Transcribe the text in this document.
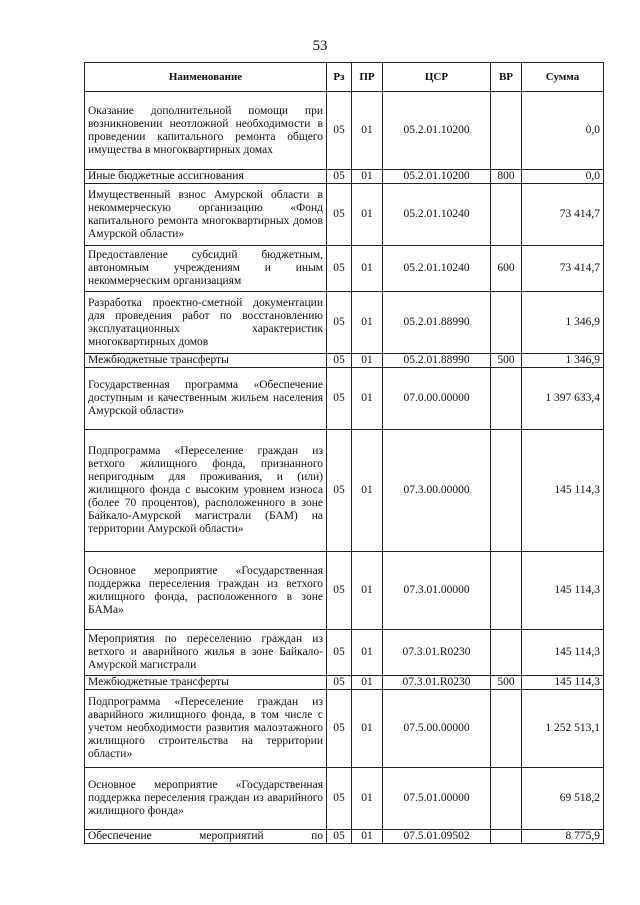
53
Наименование	Рз	ПР	ЦСР	ВР	Сумма
Оказание дополнительной помощи при возникновении неотложной необходимости в проведении капитального ремонта общего имущества в многоквартирных домах	05	01	05.2.01.10200		0,0
Иные бюджетные ассигнования	05	01	05.2.01.10200	800	0,0
Имущественный взнос Амурской области в некоммерческую организацию «Фонд капитального ремонта многоквартирных домов Амурской области»	05	01	05.2.01.10240		73 414,7
Предоставление субсидий бюджетным, автономным учреждениям и иным некоммерческим организациям	05	01	05.2.01.10240	600	73 414,7
Разработка проектно-сметной документации для проведения работ по восстановлению эксплуатационных характеристик многоквартирных домов	05	01	05.2.01.88990		1 346,9
Межбюджетные трансферты	05	01	05.2.01.88990	500	1 346,9
Государственная программа «Обеспечение доступным и качественным жильем населения Амурской области»	05	01	07.0.00.00000		1 397 633,4
Подпрограмма «Переселение граждан из ветхого жилищного фонда, признанного непригодным для проживания, и (или) жилищного фонда с высоким уровнем износа (более 70 процентов), расположенного в зоне Байкало-Амурской магистрали (БАМ) на территории Амурской области»	05	01	07.3.00.00000		145 114,3
Основное мероприятие «Государственная поддержка переселения граждан из ветхого жилищного фонда, расположенного в зоне БАМа»	05	01	07.3.01.00000		145 114,3
Мероприятия по переселению граждан из ветхого и аварийного жилья в зоне Байкало-Амурской магистрали	05	01	07.3.01.R0230		145 114,3
Межбюджетные трансферты	05	01	07.3.01.R0230	500	145 114,3
Подпрограмма «Переселение граждан из аварийного жилищного фонда, в том числе с учетом необходимости развития малоэтажного жилищного строительства на территории области»	05	01	07.5.00.00000		1 252 513,1
Основное мероприятие «Государственная поддержка переселения граждан из аварийного жилищного фонда»	05	01	07.5.01.00000		69 518,2
Обеспечение мероприятий по	05	01	07.5.01.09502		8 775,9
